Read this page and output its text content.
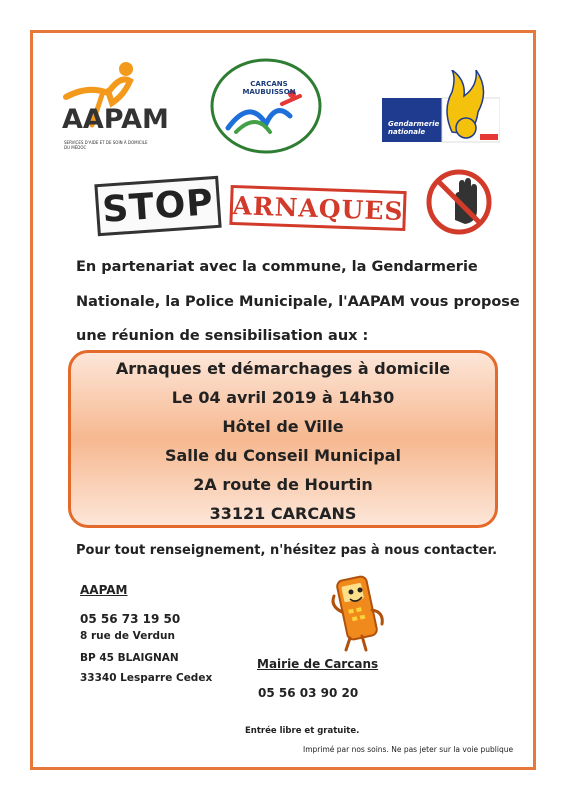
AAPAM
SERVICES D'AIDE ET DE SOIN À DOMICILE DU MÉDOC
CARCANS MAUBUISSON
Gendarmerie nationale
STOP ARNAQUES
En partenariat avec la commune, la Gendarmerie
Nationale, la Police Municipale, l'AAPAM vous propose
une réunion de sensibilisation aux :
Arnaques et démarchages à domicile
Le 04 avril 2019 à 14h30
Hôtel de Ville
Salle du Conseil Municipal
2A route de Hourtin
33121 CARCANS
Pour tout renseignement, n'hésitez pas à nous contacter.
AAPAM
05 56 73 19 50
8 rue de Verdun
BP 45 BLAIGNAN
33340 Lesparre Cedex
Mairie de Carcans
05 56 03 90 20
Entrée libre et gratuite.
Imprimé par nos soins. Ne pas jeter sur la voie publique
